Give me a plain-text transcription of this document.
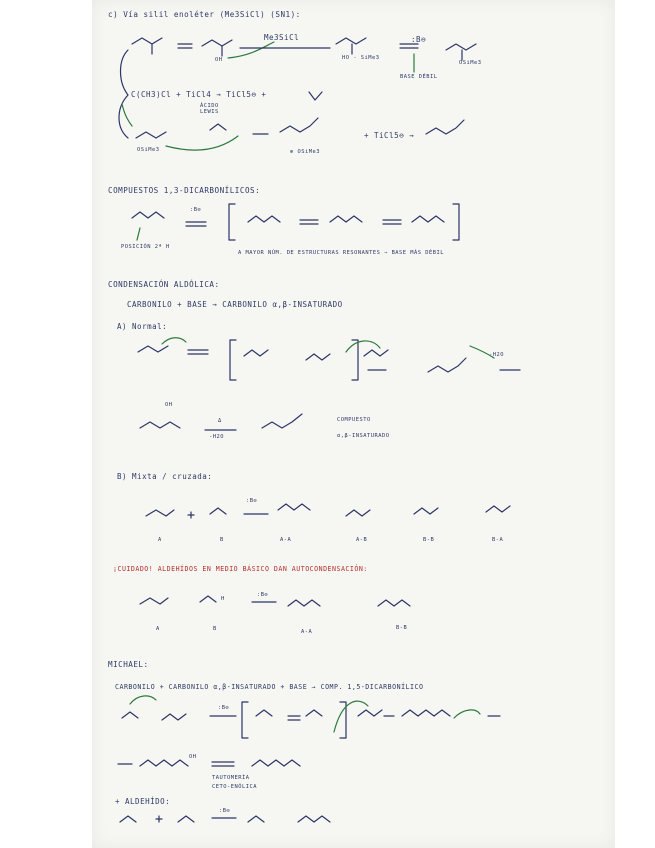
c) Vía silil enoléter (Me3SiCl) (SN1):
Me3SiCl
OH	HO - SiMe3
:B⊖
BASE DÉBIL
OSiMe3
C(CH3)Cl + TiCl4 → TiCl5⊖ +
ÁCIDO LEWIS
OSiMe3	⊕ OSiMe3
+ TiCl5⊖ →
COMPUESTOS 1,3-DICARBONÍLICOS:
:B⊖
POSICIÓN 2ª H
A MAYOR NÚM. DE ESTRUCTURAS RESONANTES ⇒ BASE MÁS DÉBIL
CONDENSACIÓN ALDÓLICA:
CARBONILO + BASE → CARBONILO α,β-INSATURADO
A) Normal:
-H2O
OH
Δ
-H2O
COMPUESTO
α,β-INSATURADO
B) Mixta / cruzada:
:B⊖
A	B	A-A	A-B	B-B	B-A
¡CUIDADO! ALDEHÍDOS EN MEDIO BÁSICO DAN AUTOCONDENSACIÓN:
:B⊖
H
A	B	A-A
B-B
MICHAEL:
CARBONILO + CARBONILO α,β-INSATURADO + BASE → COMP. 1,5-DICARBONÍLICO
:B⊖
OH
TAUTOMERÍA
CETO-ENÓLICA
+ ALDEHÍDO:
:B⊖
